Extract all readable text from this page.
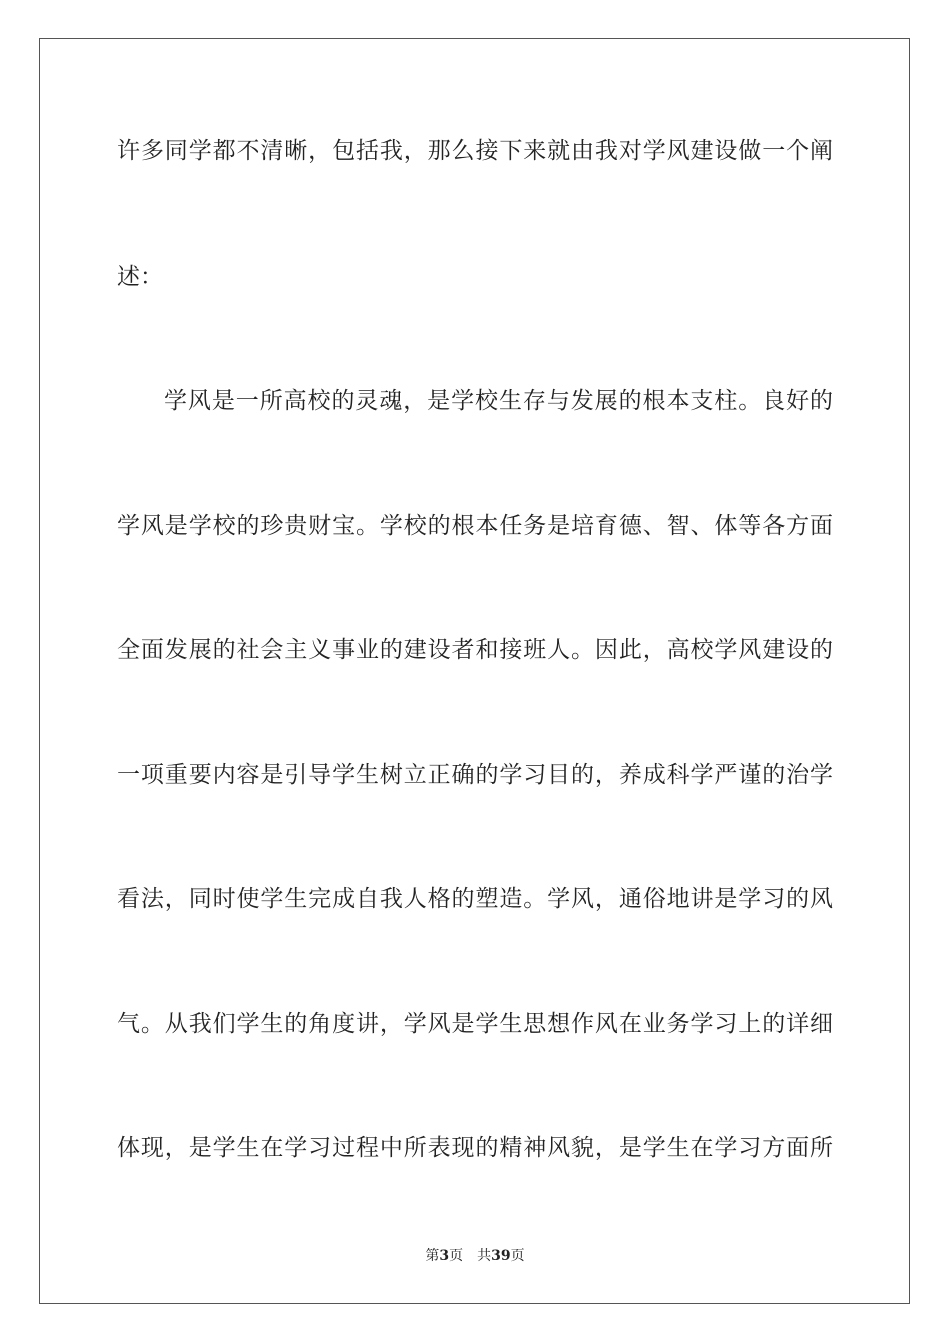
许多同学都不清晰，包括我，那么接下来就由我对学风建设做一个阐
述：
学风是一所高校的灵魂，是学校生存与发展的根本支柱。良好的
学风是学校的珍贵财宝。学校的根本任务是培育德、智、体等各方面
全面发展的社会主义事业的建设者和接班人。因此，高校学风建设的
一项重要内容是引导学生树立正确的学习目的，养成科学严谨的治学
看法，同时使学生完成自我人格的塑造。学风，通俗地讲是学习的风
气。从我们学生的角度讲，学风是学生思想作风在业务学习上的详细
体现，是学生在学习过程中所表现的精神风貌，是学生在学习方面所
第3页 共39页
